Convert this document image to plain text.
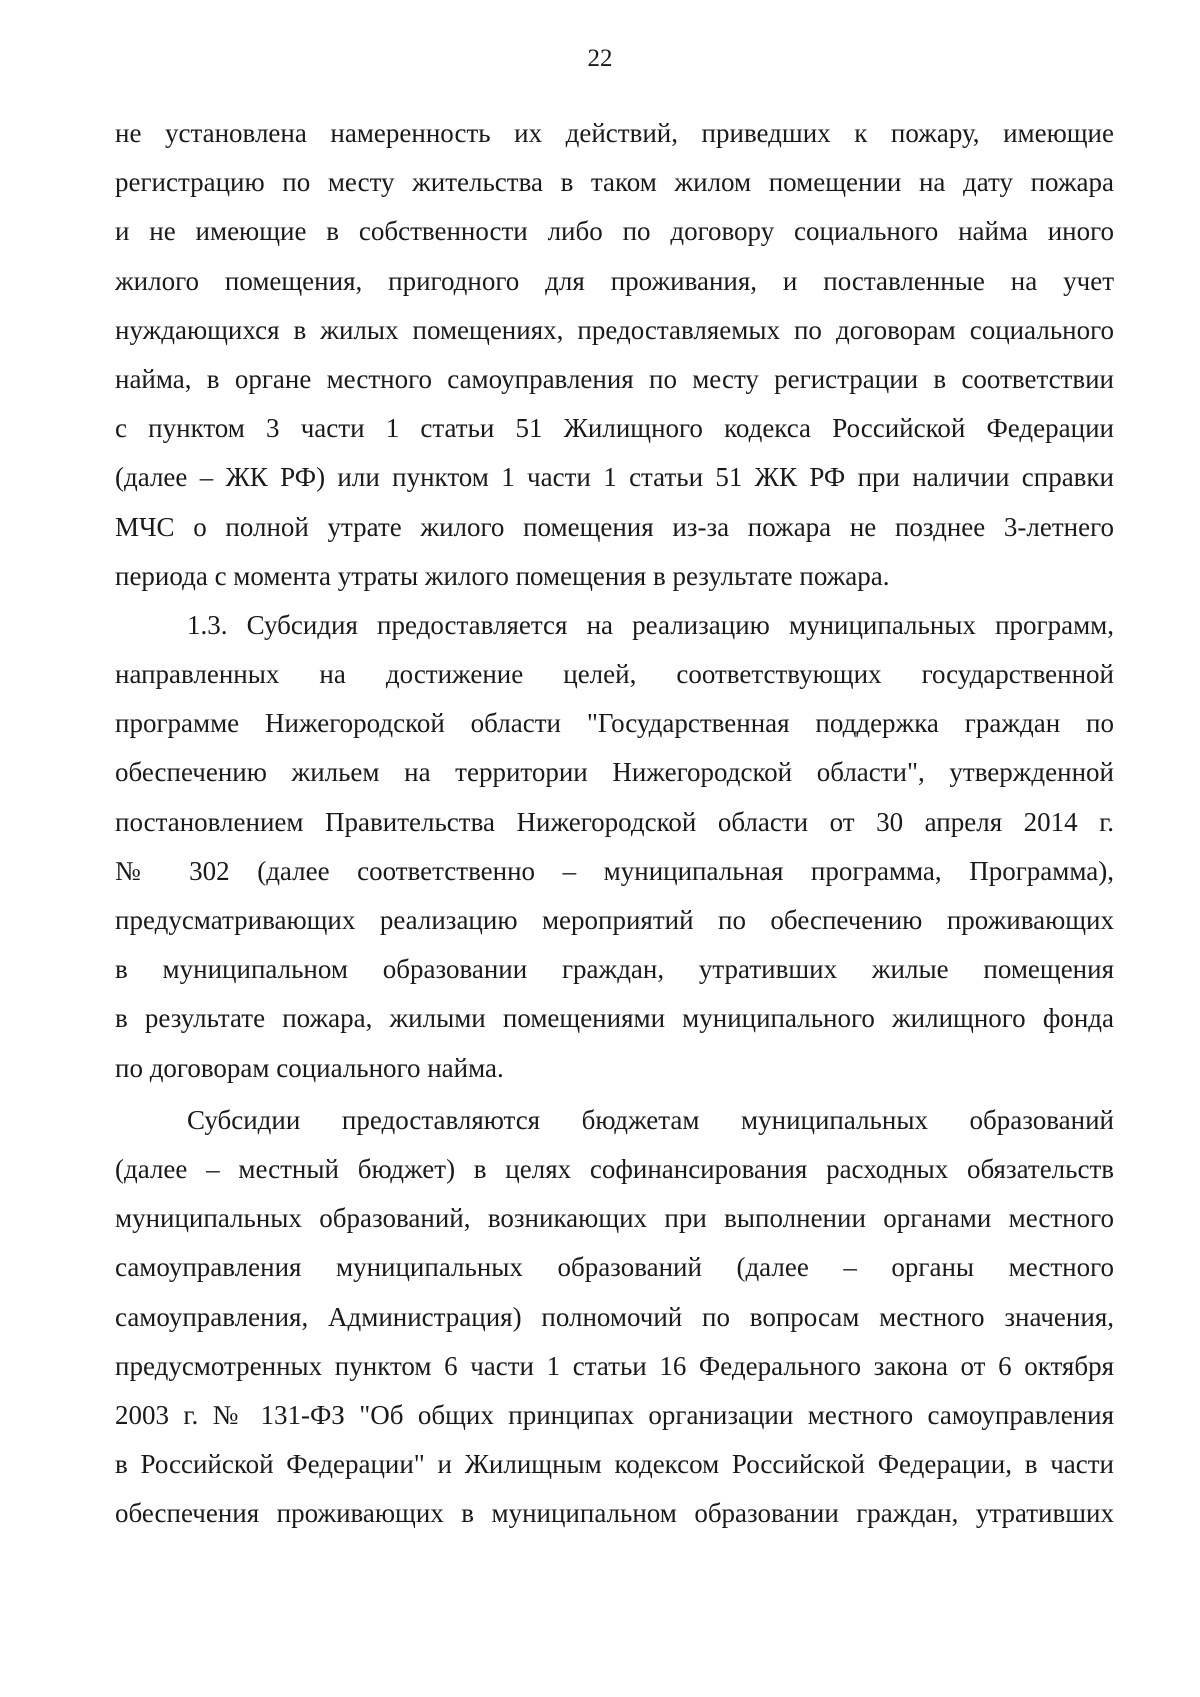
22
не установлена намеренность их действий, приведших к пожару, имеющие
регистрацию по месту жительства в таком жилом помещении на дату пожара
и не имеющие в собственности либо по договору социального найма иного
жилого помещения, пригодного для проживания, и поставленные на учет
нуждающихся в жилых помещениях, предоставляемых по договорам социального
найма, в органе местного самоуправления по месту регистрации в соответствии
с пунктом 3 части 1 статьи 51 Жилищного кодекса Российской Федерации
(далее – ЖК РФ) или пунктом 1 части 1 статьи 51 ЖК РФ при наличии справки
МЧС о полной утрате жилого помещения из-за пожара не позднее 3-летнего
периода с момента утраты жилого помещения в результате пожара.
1.3. Субсидия предоставляется на реализацию муниципальных программ,
направленных на достижение целей, соответствующих государственной
программе Нижегородской области "Государственная поддержка граждан по
обеспечению жильем на территории Нижегородской области", утвержденной
постановлением Правительства Нижегородской области от 30 апреля 2014 г.
№ 302 (далее соответственно – муниципальная программа, Программа),
предусматривающих реализацию мероприятий по обеспечению проживающих
в муниципальном образовании граждан, утративших жилые помещения
в результате пожара, жилыми помещениями муниципального жилищного фонда
по договорам социального найма.
Субсидии предоставляются бюджетам муниципальных образований
(далее – местный бюджет) в целях софинансирования расходных обязательств
муниципальных образований, возникающих при выполнении органами местного
самоуправления муниципальных образований (далее – органы местного
самоуправления, Администрация) полномочий по вопросам местного значения,
предусмотренных пунктом 6 части 1 статьи 16 Федерального закона от 6 октября
2003 г. № 131-ФЗ "Об общих принципах организации местного самоуправления
в Российской Федерации" и Жилищным кодексом Российской Федерации, в части
обеспечения проживающих в муниципальном образовании граждан, утративших
